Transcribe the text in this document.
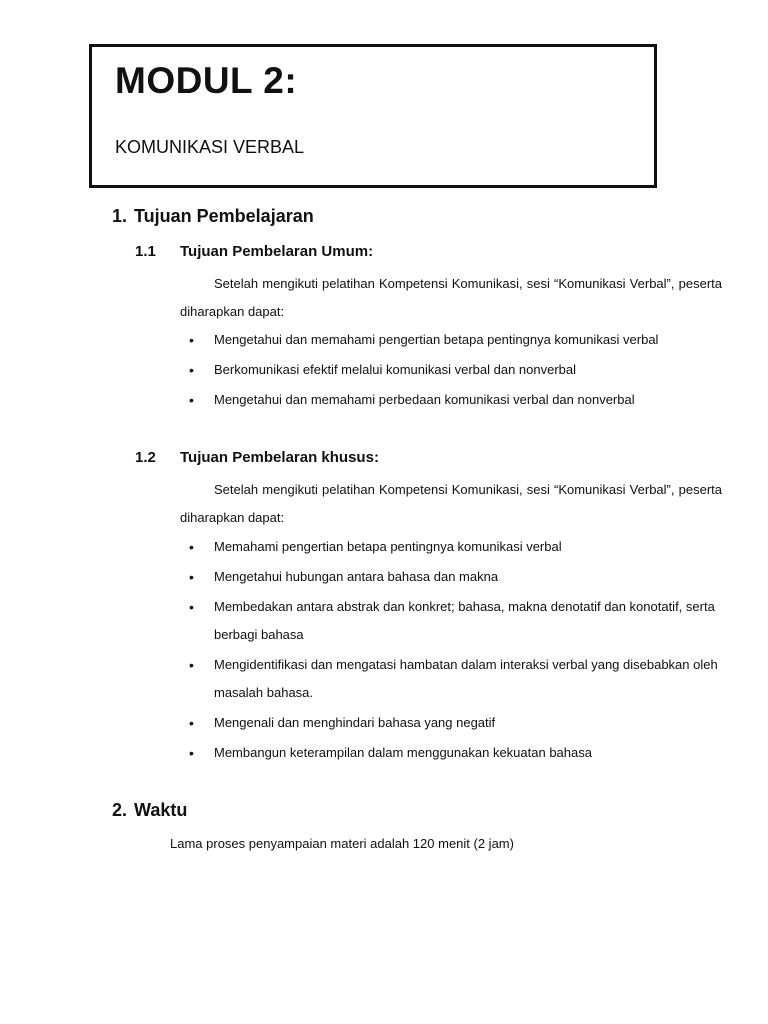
MODUL 2:

KOMUNIKASI VERBAL

1. Tujuan Pembelajaran
1.1 Tujuan Pembelaran Umum:

Setelah mengikuti pelatihan Kompetensi Komunikasi, sesi “Komunikasi Verbal”, peserta diharapkan dapat:

• Mengetahui dan memahami pengertian betapa pentingnya komunikasi verbal
• Berkomunikasi efektif melalui komunikasi verbal dan nonverbal
• Mengetahui dan memahami perbedaan komunikasi verbal dan nonverbal
1.2 Tujuan Pembelaran khusus:

Setelah mengikuti pelatihan Kompetensi Komunikasi, sesi “Komunikasi Verbal”, peserta diharapkan dapat:

• Memahami pengertian betapa pentingnya komunikasi verbal
• Mengetahui hubungan antara bahasa dan makna
• Membedakan antara abstrak dan konkret; bahasa, makna denotatif dan konotatif, serta berbagi bahasa
• Mengidentifikasi dan mengatasi hambatan dalam interaksi verbal yang disebabkan oleh masalah bahasa.
• Mengenali dan menghindari bahasa yang negatif
• Membangun keterampilan dalam menggunakan kekuatan bahasa
2. Waktu

Lama proses penyampaian materi adalah 120 menit (2 jam)
